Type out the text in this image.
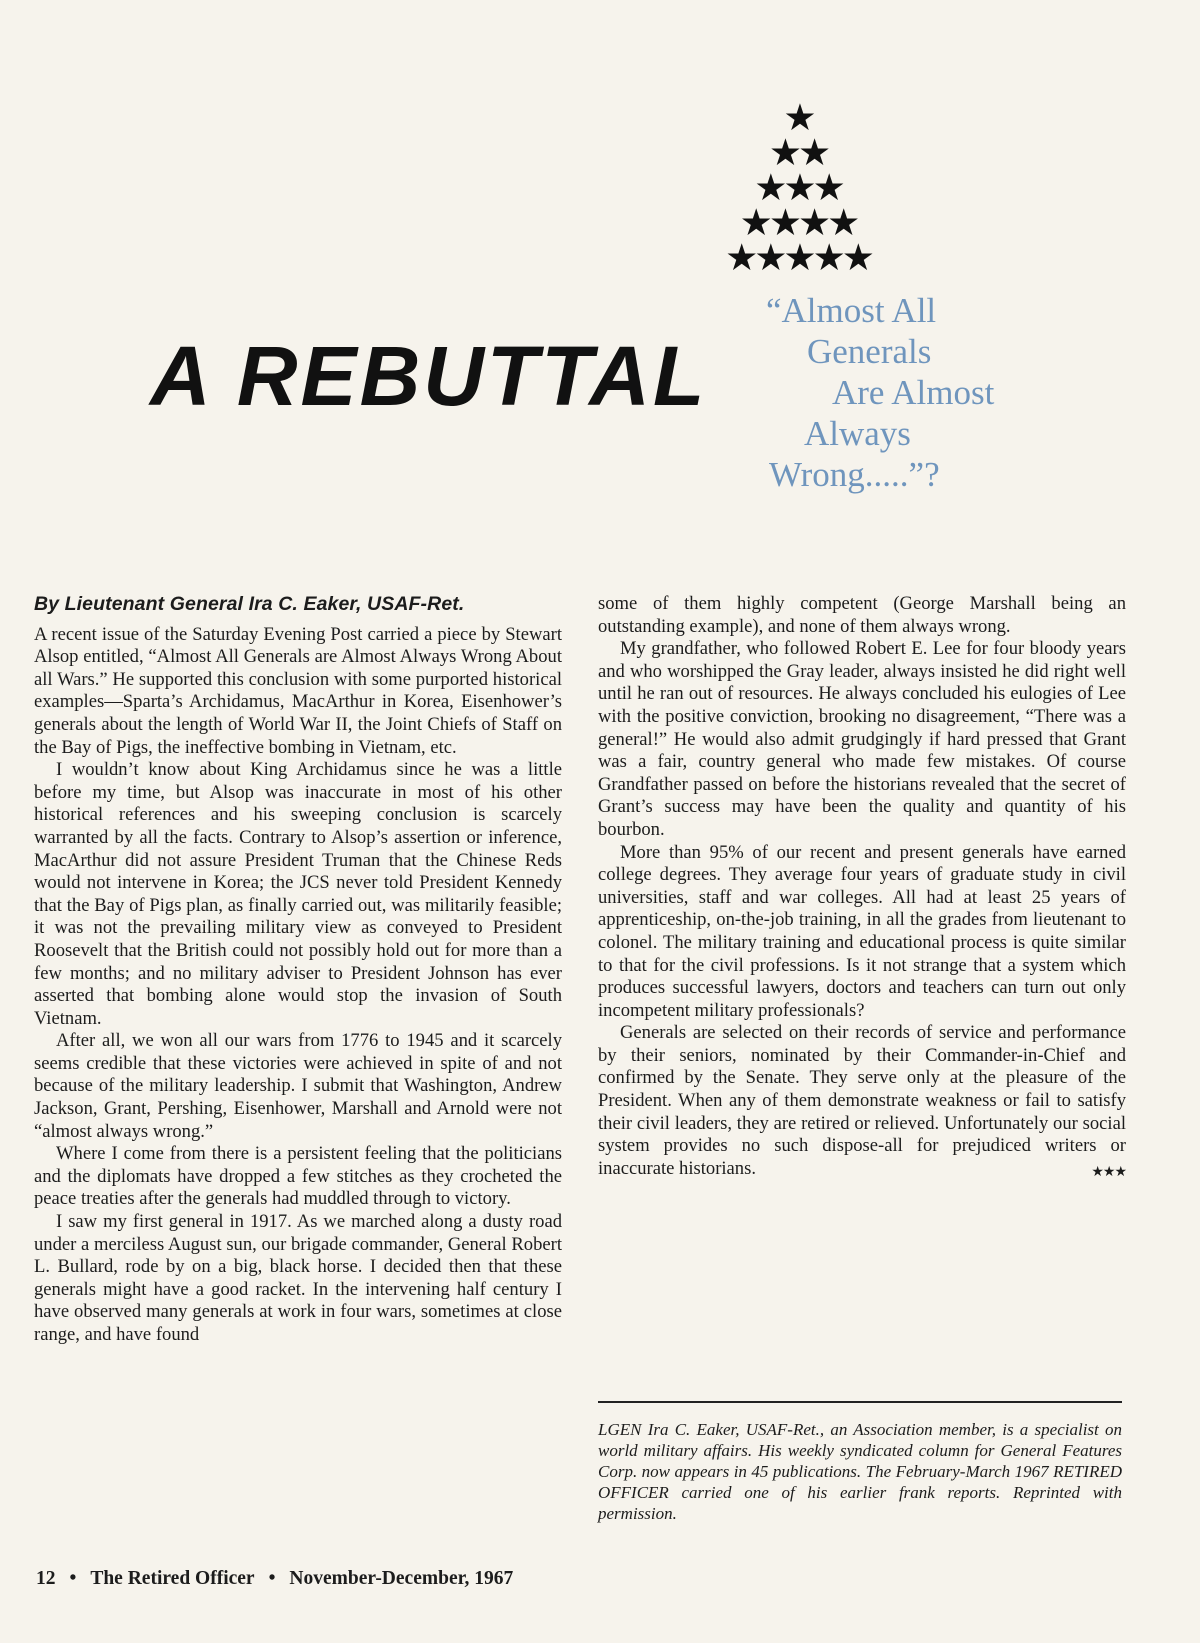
★
★★
★★★
★★★★
★★★★★
A REBUTTAL
“Almost All
Generals
Are Almost
Always
Wrong.....”?

By Lieutenant General Ira C. Eaker, USAF-Ret.

A recent issue of the Saturday Evening Post carried a piece by Stewart Alsop entitled, “Almost All Generals are Almost Always Wrong About all Wars.” He supported this conclusion with some purported historical examples—Sparta’s Archidamus, MacArthur in Korea, Eisenhower’s generals about the length of World War II, the Joint Chiefs of Staff on the Bay of Pigs, the ineffective bombing in Vietnam, etc.

I wouldn’t know about King Archidamus since he was a little before my time, but Alsop was inaccurate in most of his other historical references and his sweeping conclusion is scarcely warranted by all the facts. Contrary to Alsop’s assertion or inference, MacArthur did not assure President Truman that the Chinese Reds would not intervene in Korea; the JCS never told President Kennedy that the Bay of Pigs plan, as finally carried out, was militarily feasible; it was not the prevailing military view as conveyed to President Roosevelt that the British could not possibly hold out for more than a few months; and no military adviser to President Johnson has ever asserted that bombing alone would stop the invasion of South Vietnam.

After all, we won all our wars from 1776 to 1945 and it scarcely seems credible that these victories were achieved in spite of and not because of the military leadership. I submit that Washington, Andrew Jackson, Grant, Pershing, Eisenhower, Marshall and Arnold were not “almost always wrong.”

Where I come from there is a persistent feeling that the politicians and the diplomats have dropped a few stitches as they crocheted the peace treaties after the generals had muddled through to victory.

I saw my first general in 1917. As we marched along a dusty road under a merciless August sun, our brigade commander, General Robert L. Bullard, rode by on a big, black horse. I decided then that these generals might have a good racket. In the intervening half century I have observed many generals at work in four wars, sometimes at close range, and have found

some of them highly competent (George Marshall being an outstanding example), and none of them always wrong.

My grandfather, who followed Robert E. Lee for four bloody years and who worshipped the Gray leader, always insisted he did right well until he ran out of resources. He always concluded his eulogies of Lee with the positive conviction, brooking no disagreement, “There was a general!” He would also admit grudgingly if hard pressed that Grant was a fair, country general who made few mistakes. Of course Grandfather passed on before the historians revealed that the secret of Grant’s success may have been the quality and quantity of his bourbon.

More than 95% of our recent and present generals have earned college degrees. They average four years of graduate study in civil universities, staff and war colleges. All had at least 25 years of apprenticeship, on-the-job training, in all the grades from lieutenant to colonel. The military training and educational process is quite similar to that for the civil professions. Is it not strange that a system which produces successful lawyers, doctors and teachers can turn out only incompetent military professionals?

Generals are selected on their records of service and performance by their seniors, nominated by their Commander-in-Chief and confirmed by the Senate. They serve only at the pleasure of the President. When any of them demonstrate weakness or fail to satisfy their civil leaders, they are retired or relieved. Unfortunately our social system provides no such dispose-all for prejudiced writers or inaccurate historians.	★★★

LGEN Ira C. Eaker, USAF-Ret., an Association member, is a specialist on world military affairs. His weekly syndicated column for General Features Corp. now appears in 45 publications. The February-March 1967 RETIRED OFFICER carried one of his earlier frank reports. Reprinted with permission.

12 • The Retired Officer • November-December, 1967
